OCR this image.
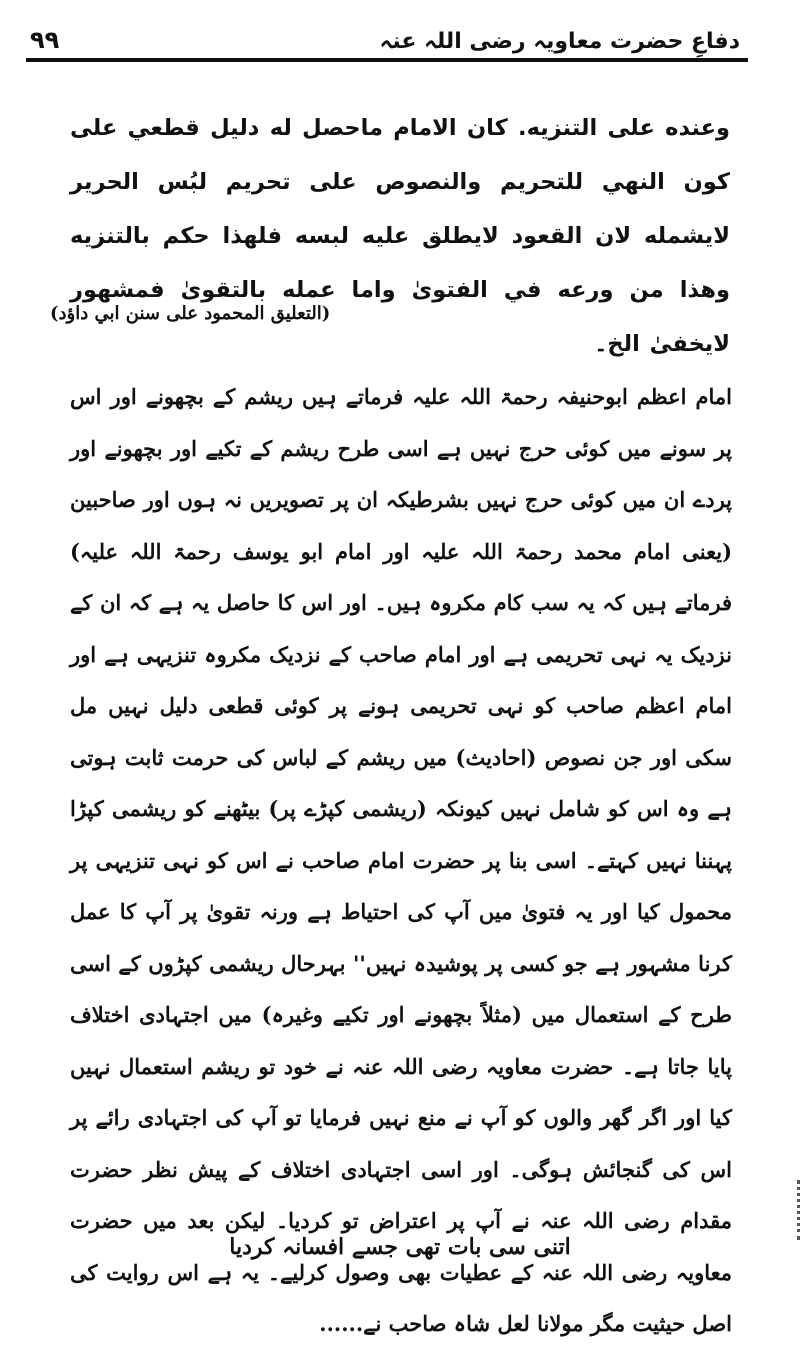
۹۹	دفاعِ حضرت معاویہ رضی اللہ عنہ

وعنده على التنزيه. كان الامام ماحصل له دليل قطعي على كون النهي للتحريم والنصوص على تحريم لبُس الحرير لايشمله لان القعود لايطلق عليه لبسه فلهذا حكم بالتنزيه وهذا من ورعه في الفتوىٰ واما عمله بالتقوىٰ فمشهور لايخفىٰ الخ۔

(التعليق المحمود على سنن ابي داؤد)

امام اعظم ابوحنیفہ رحمۃ اللہ علیہ فرماتے ہیں ریشم کے بچھونے اور اس پر سونے میں کوئی حرج نہیں ہے اسی طرح ریشم کے تکیے اور بچھونے اور پردے ان میں کوئی حرج نہیں بشرطیکہ ان پر تصویریں نہ ہوں اور صاحبین (یعنی امام محمد رحمۃ اللہ علیہ اور امام ابو یوسف رحمۃ اللہ علیہ) فرماتے ہیں کہ یہ سب کام مکروہ ہیں۔ اور اس کا حاصل یہ ہے کہ ان کے نزدیک یہ نہی تحریمی ہے اور امام صاحب کے نزدیک مکروہ تنزیہی ہے اور امام اعظم صاحب کو نہی تحریمی ہونے پر کوئی قطعی دلیل نہیں مل سکی اور جن نصوص (احادیث) میں ریشم کے لباس کی حرمت ثابت ہوتی ہے وہ اس کو شامل نہیں کیونکہ (ریشمی کپڑے پر) بیٹھنے کو ریشمی کپڑا پہننا نہیں کہتے۔ اسی بنا پر حضرت امام صاحب نے اس کو نہی تنزیہی پر محمول کیا اور یہ فتویٰ میں آپ کی احتیاط ہے ورنہ تقویٰ پر آپ کا عمل کرنا مشہور ہے جو کسی پر پوشیدہ نہیں'' بہرحال ریشمی کپڑوں کے اسی طرح کے استعمال میں (مثلاً بچھونے اور تکیے وغیرہ) میں اجتہادی اختلاف پایا جاتا ہے۔ حضرت معاویہ رضی اللہ عنہ نے خود تو ریشم استعمال نہیں کیا اور اگر گھر والوں کو آپ نے منع نہیں فرمایا تو آپ کی اجتہادی رائے پر اس کی گنجائش ہوگی۔ اور اسی اجتہادی اختلاف کے پیش نظر حضرت مقدام رضی اللہ عنہ نے آپ پر اعتراض تو کردیا۔ لیکن بعد میں حضرت معاویہ رضی اللہ عنہ کے عطیات بھی وصول کرلیے۔ یہ ہے اس روایت کی اصل حیثیت مگر مولانا لعل شاہ صاحب نے......

اتنی سی بات تھی جسے افسانہ کردیا
